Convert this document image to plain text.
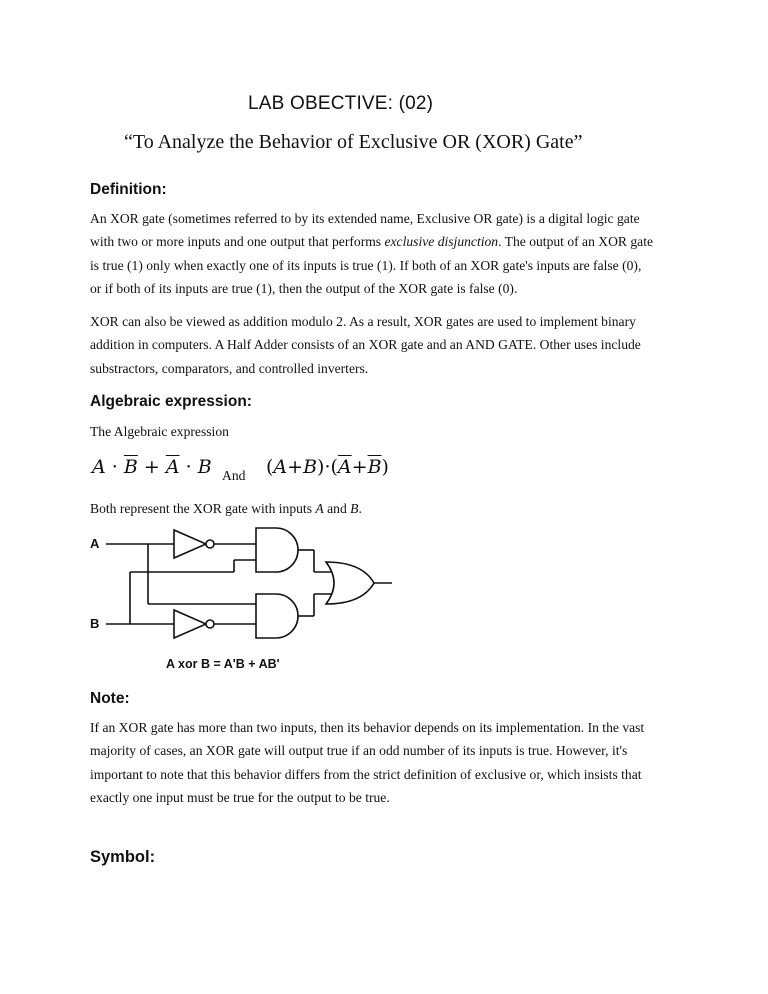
LAB OBECTIVE: (02)
“To Analyze the Behavior of Exclusive OR (XOR) Gate”
Definition:
An XOR gate (sometimes referred to by its extended name, Exclusive OR gate) is a digital logic gate
with two or more inputs and one output that performs exclusive disjunction. The output of an XOR gate
is true (1) only when exactly one of its inputs is true (1). If both of an XOR gate's inputs are false (0),
or if both of its inputs are true (1), then the output of the XOR gate is false (0).
XOR can also be viewed as addition modulo 2. As a result, XOR gates are used to implement binary
addition in computers. A Half Adder consists of an XOR gate and an AND GATE. Other uses include
substractors, comparators, and controlled inverters.
Algebraic expression:
The Algebraic expression
$A \cdot \overline{B} + \overline{A} \cdot B$ And $(A+B)\cdot(\overline{A}+\overline{B})$
Both represent the XOR gate with inputs A and B.
A
B
A xor B = A'B + AB'
Note:
If an XOR gate has more than two inputs, then its behavior depends on its implementation. In the vast
majority of cases, an XOR gate will output true if an odd number of its inputs is true. However, it's
important to note that this behavior differs from the strict definition of exclusive or, which insists that
exactly one input must be true for the output to be true.
Symbol:
